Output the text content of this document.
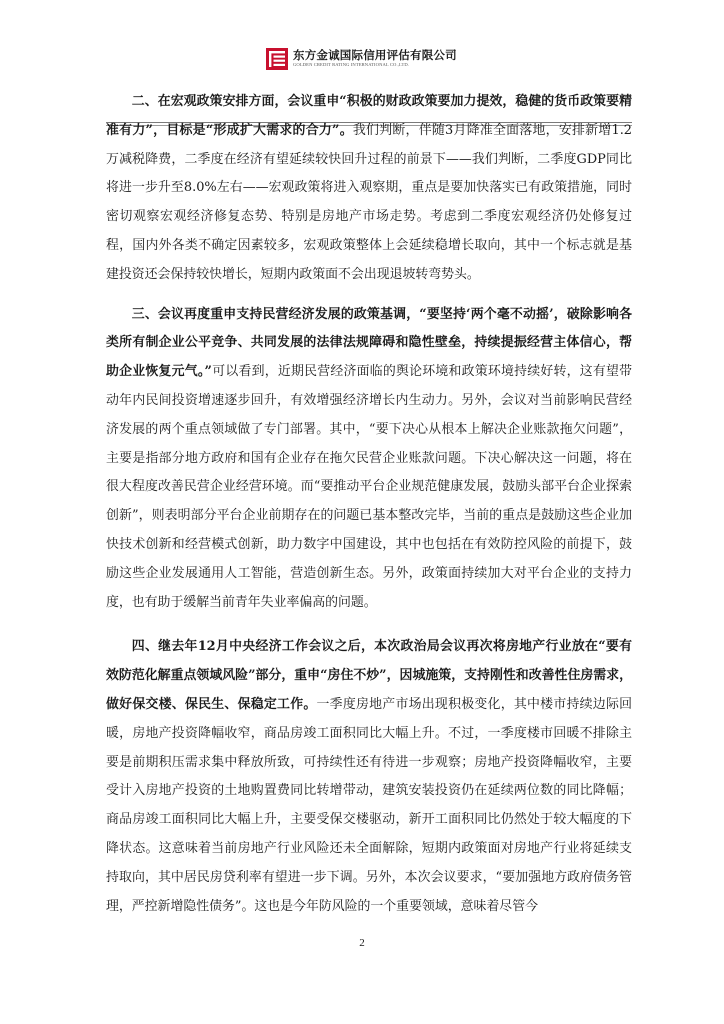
东方金诚国际信用评估有限公司
GOLDEN CREDIT RATING INTERNATIONAL CO.,LTD.

二、在宏观政策安排方面，会议重申“积极的财政政策要加力提效，稳健的货币政策要精准有力”，目标是“形成扩大需求的合力”。我们判断，伴随3月降准全面落地，安排新增1.2万减税降费，二季度在经济有望延续较快回升过程的前景下——我们判断，二季度GDP同比将进一步升至8.0%左右——宏观政策将进入观察期，重点是要加快落实已有政策措施，同时密切观察宏观经济修复态势、特别是房地产市场走势。考虑到二季度宏观经济仍处修复过程，国内外各类不确定因素较多，宏观政策整体上会延续稳增长取向，其中一个标志就是基建投资还会保持较快增长，短期内政策面不会出现退坡转弯势头。

三、会议再度重申支持民营经济发展的政策基调，“要坚持‘两个毫不动摇’，破除影响各类所有制企业公平竞争、共同发展的法律法规障碍和隐性壁垒，持续提振经营主体信心，帮助企业恢复元气。”可以看到，近期民营经济面临的舆论环境和政策环境持续好转，这有望带动年内民间投资增速逐步回升，有效增强经济增长内生动力。另外，会议对当前影响民营经济发展的两个重点领域做了专门部署。其中，“要下决心从根本上解决企业账款拖欠问题”，主要是指部分地方政府和国有企业存在拖欠民营企业账款问题。下决心解决这一问题，将在很大程度改善民营企业经营环境。而“要推动平台企业规范健康发展，鼓励头部平台企业探索创新”，则表明部分平台企业前期存在的问题已基本整改完毕，当前的重点是鼓励这些企业加快技术创新和经营模式创新，助力数字中国建设，其中也包括在有效防控风险的前提下，鼓励这些企业发展通用人工智能，营造创新生态。另外，政策面持续加大对平台企业的支持力度，也有助于缓解当前青年失业率偏高的问题。

四、继去年12月中央经济工作会议之后，本次政治局会议再次将房地产行业放在“要有效防范化解重点领域风险”部分，重申“房住不炒”，因城施策，支持刚性和改善性住房需求，做好保交楼、保民生、保稳定工作。一季度房地产市场出现积极变化，其中楼市持续边际回暖，房地产投资降幅收窄，商品房竣工面积同比大幅上升。不过，一季度楼市回暖不排除主要是前期积压需求集中释放所致，可持续性还有待进一步观察；房地产投资降幅收窄，主要受计入房地产投资的土地购置费同比转增带动，建筑安装投资仍在延续两位数的同比降幅；商品房竣工面积同比大幅上升，主要受保交楼驱动，新开工面积同比仍然处于较大幅度的下降状态。这意味着当前房地产行业风险还未全面解除，短期内政策面对房地产行业将延续支持取向，其中居民房贷利率有望进一步下调。另外，本次会议要求，“要加强地方政府债务管理，严控新增隐性债务”。这也是今年防风险的一个重要领域，意味着尽管今

2
